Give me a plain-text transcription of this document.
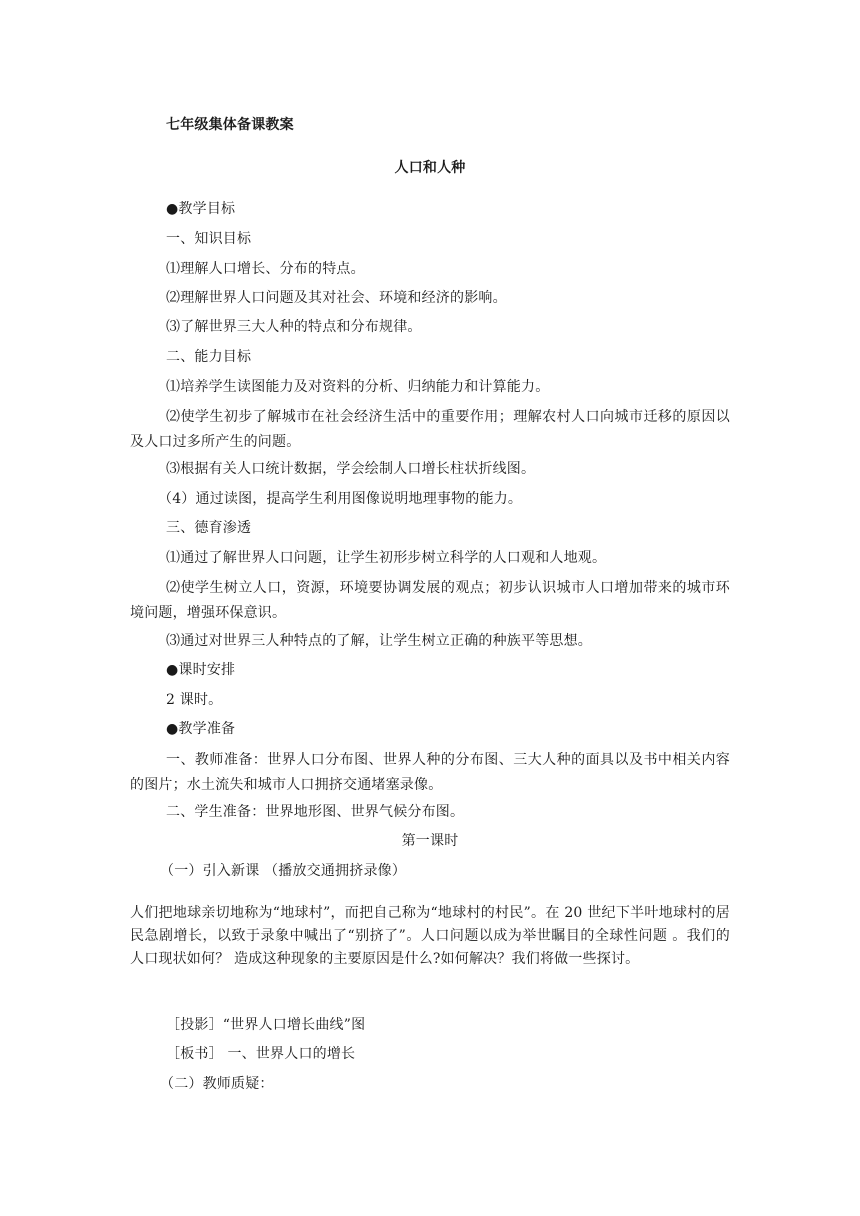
七年级集体备课教案
人口和人种
●教学目标
一、知识目标
⑴理解人口增长、分布的特点。
⑵理解世界人口问题及其对社会、环境和经济的影响。
⑶了解世界三大人种的特点和分布规律。
二、能力目标
⑴培养学生读图能力及对资料的分析、归纳能力和计算能力。
⑵使学生初步了解城市在社会经济生活中的重要作用；理解农村人口向城市迁移的原因以及人口过多所产生的问题。
⑶根据有关人口统计数据，学会绘制人口增长柱状折线图。
（4）通过读图，提高学生利用图像说明地理事物的能力。
三、德育渗透
⑴通过了解世界人口问题，让学生初形步树立科学的人口观和人地观。
⑵使学生树立人口，资源，环境要协调发展的观点；初步认识城市人口增加带来的城市环境问题，增强环保意识。
⑶通过对世界三人种特点的了解，让学生树立正确的种族平等思想。
●课时安排
2 课时。
●教学准备
一、教师准备：世界人口分布图、世界人种的分布图、三大人种的面具以及书中相关内容的图片；水土流失和城市人口拥挤交通堵塞录像。
二、学生准备：世界地形图、世界气候分布图。
第一课时
（一）引入新课 （播放交通拥挤录像）
人们把地球亲切地称为“地球村”，而把自己称为“地球村的村民”。在 20 世纪下半叶地球村的居民急剧增长，以致于录象中喊出了“别挤了”。人口问题以成为举世瞩目的全球性问题 。我们的人口现状如何？ 造成这种现象的主要原因是什么?如何解决？我们将做一些探讨。
［投影］“世界人口增长曲线”图
［板书］ 一、世界人口的增长
（二）教师质疑：
